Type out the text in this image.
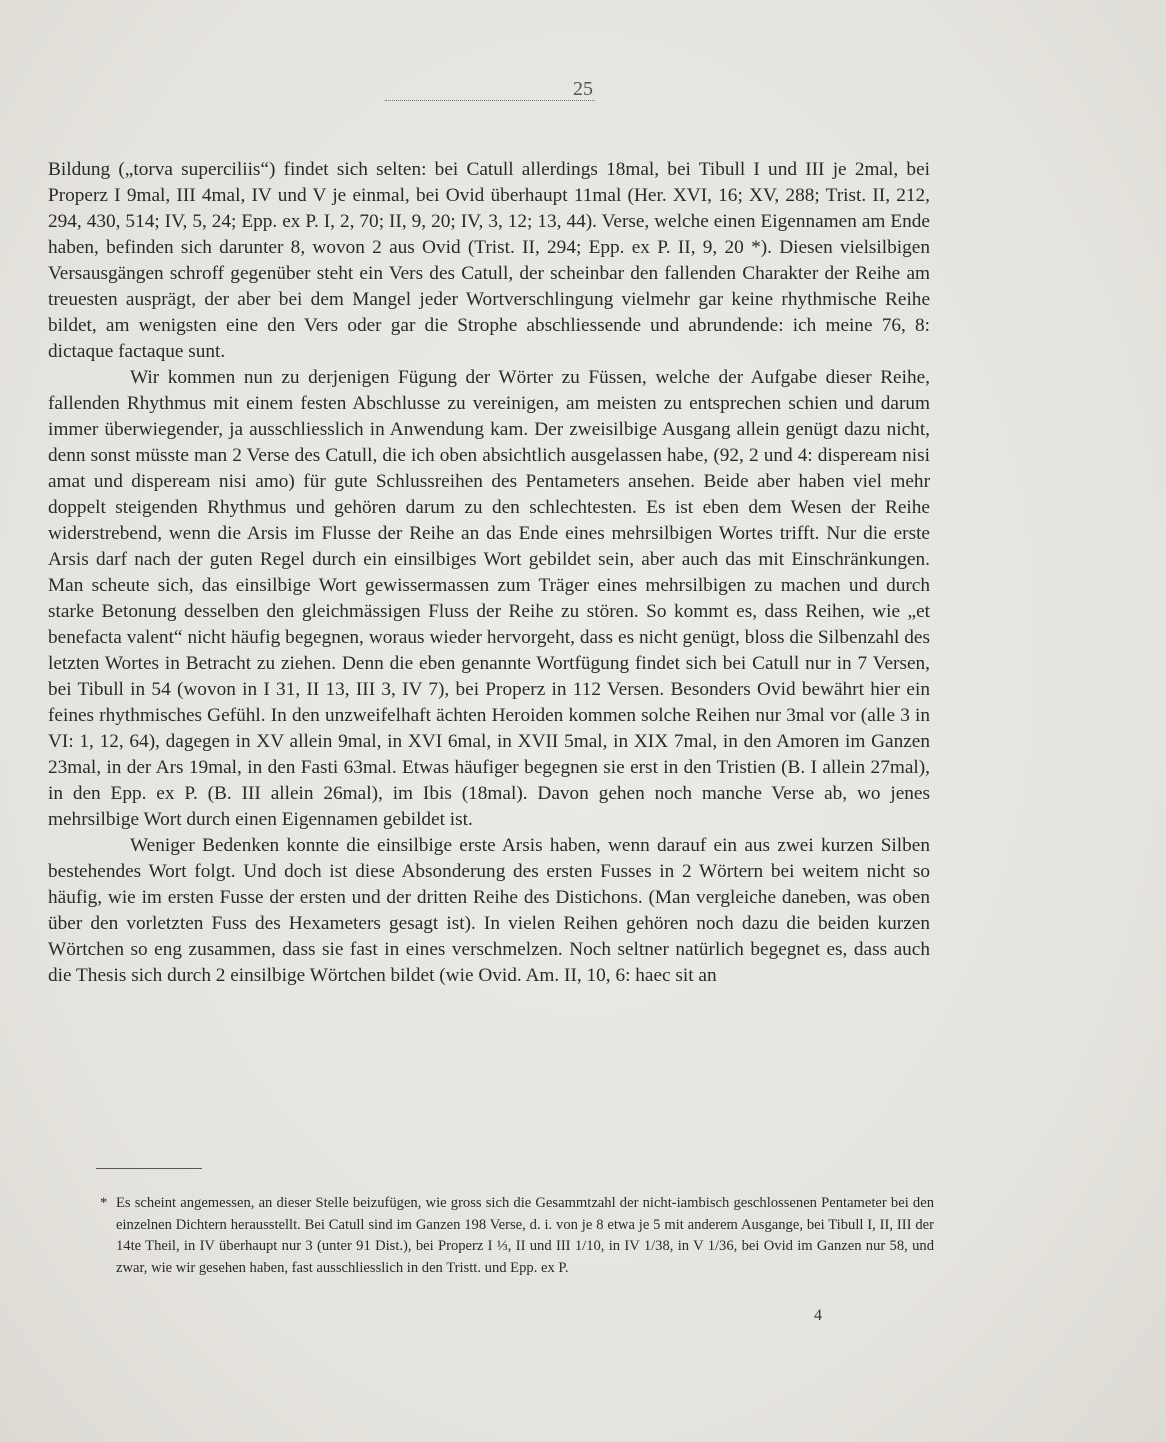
25

Bildung („torva superciliis“) findet sich selten: bei Catull allerdings 18mal, bei Tibull I und III je 2mal, bei Properz I 9mal, III 4mal, IV und V je einmal, bei Ovid überhaupt 11mal (Her. XVI, 16; XV, 288; Trist. II, 212, 294, 430, 514; IV, 5, 24; Epp. ex P. I, 2, 70; II, 9, 20; IV, 3, 12; 13, 44). Verse, welche einen Eigennamen am Ende haben, befinden sich darunter 8, wovon 2 aus Ovid (Trist. II, 294; Epp. ex P. II, 9, 20 *). Diesen vielsilbigen Versausgängen schroff gegenüber steht ein Vers des Catull, der scheinbar den fallenden Charakter der Reihe am treuesten ausprägt, der aber bei dem Mangel jeder Wortverschlingung vielmehr gar keine rhythmische Reihe bildet, am wenigsten eine den Vers oder gar die Strophe abschliessende und abrundende: ich meine 76, 8: dictaque factaque sunt.

Wir kommen nun zu derjenigen Fügung der Wörter zu Füssen, welche der Aufgabe dieser Reihe, fallenden Rhythmus mit einem festen Abschlusse zu vereinigen, am meisten zu entsprechen schien und darum immer überwiegender, ja ausschliesslich in Anwendung kam. Der zweisilbige Ausgang allein genügt dazu nicht, denn sonst müsste man 2 Verse des Catull, die ich oben absichtlich ausgelassen habe, (92, 2 und 4: dispeream nisi amat und dispeream nisi amo) für gute Schlussreihen des Pentameters ansehen. Beide aber haben viel mehr doppelt steigenden Rhythmus und gehören darum zu den schlechtesten. Es ist eben dem Wesen der Reihe widerstrebend, wenn die Arsis im Flusse der Reihe an das Ende eines mehrsilbigen Wortes trifft. Nur die erste Arsis darf nach der guten Regel durch ein einsilbiges Wort gebildet sein, aber auch das mit Einschränkungen. Man scheute sich, das einsilbige Wort gewissermassen zum Träger eines mehrsilbigen zu machen und durch starke Betonung desselben den gleichmässigen Fluss der Reihe zu stören. So kommt es, dass Reihen, wie „et benefacta valent“ nicht häufig begegnen, woraus wieder hervorgeht, dass es nicht genügt, bloss die Silbenzahl des letzten Wortes in Betracht zu ziehen. Denn die eben genannte Wortfügung findet sich bei Catull nur in 7 Versen, bei Tibull in 54 (wovon in I 31, II 13, III 3, IV 7), bei Properz in 112 Versen. Besonders Ovid bewährt hier ein feines rhythmisches Gefühl. In den unzweifelhaft ächten Heroiden kommen solche Reihen nur 3mal vor (alle 3 in VI: 1, 12, 64), dagegen in XV allein 9mal, in XVI 6mal, in XVII 5mal, in XIX 7mal, in den Amoren im Ganzen 23mal, in der Ars 19mal, in den Fasti 63mal. Etwas häufiger begegnen sie erst in den Tristien (B. I allein 27mal), in den Epp. ex P. (B. III allein 26mal), im Ibis (18mal). Davon gehen noch manche Verse ab, wo jenes mehrsilbige Wort durch einen Eigennamen gebildet ist.

Weniger Bedenken konnte die einsilbige erste Arsis haben, wenn darauf ein aus zwei kurzen Silben bestehendes Wort folgt. Und doch ist diese Absonderung des ersten Fusses in 2 Wörtern bei weitem nicht so häufig, wie im ersten Fusse der ersten und der dritten Reihe des Distichons. (Man vergleiche daneben, was oben über den vorletzten Fuss des Hexameters gesagt ist). In vielen Reihen gehören noch dazu die beiden kurzen Wörtchen so eng zusammen, dass sie fast in eines verschmelzen. Noch seltner natürlich begegnet es, dass auch die Thesis sich durch 2 einsilbige Wörtchen bildet (wie Ovid. Am. II, 10, 6: haec sit an

* Es scheint angemessen, an dieser Stelle beizufügen, wie gross sich die Gesammtzahl der nicht-iambisch geschlossenen Pentameter bei den einzelnen Dichtern herausstellt. Bei Catull sind im Ganzen 198 Verse, d. i. von je 8 etwa je 5 mit anderem Ausgange, bei Tibull I, II, III der 14te Theil, in IV überhaupt nur 3 (unter 91 Dist.), bei Properz I ⅓, II und III 1/10, in IV 1/38, in V 1/36, bei Ovid im Ganzen nur 58, und zwar, wie wir gesehen haben, fast ausschliesslich in den Tristt. und Epp. ex P.
4
